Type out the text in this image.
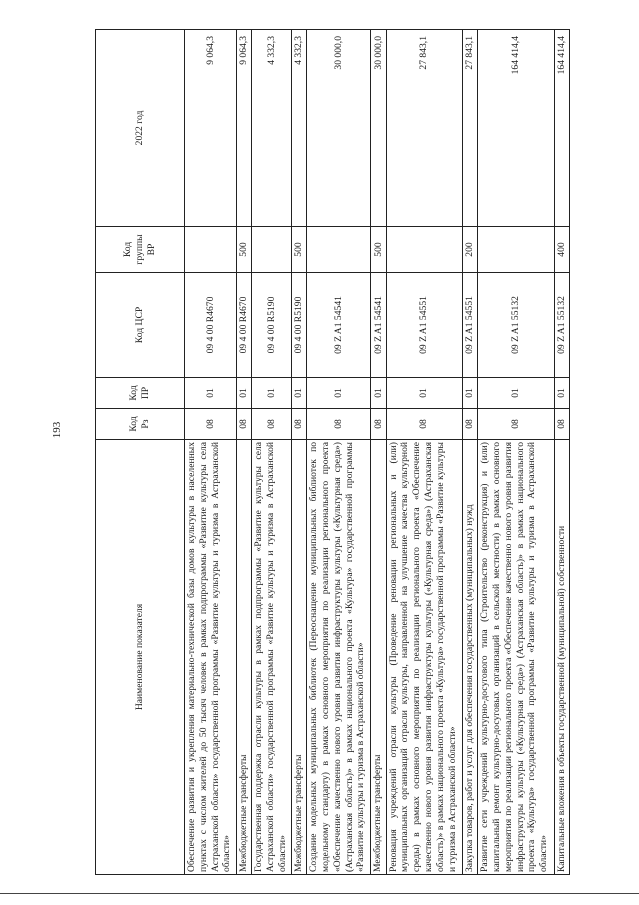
193
Наименование показателя	Код Рз	Код ПР	Код ЦСР	Код группы ВР	2022 год
Обеспечение развития и укрепления материально-технической базы домов культуры в населенных пунктах с числом жителей до 50 тысяч человек в рамках подпрограммы «Развитие культуры села Астраханской области» государственной программы «Развитие культуры и туризма в Астраханской области»	08	01	09 4 00 R4670		9 064,3
Межбюджетные трансферты	08	01	09 4 00 R4670	500	9 064,3
Государственная поддержка отрасли культуры в рамках подпрограммы «Развитие культуры села Астраханской области» государственной программы «Развитие культуры и туризма в Астраханской области»	08	01	09 4 00 R5190		4 332,3
Межбюджетные трансферты	08	01	09 4 00 R5190	500	4 332,3
Создание модельных муниципальных библиотек (Переоснащение муниципальных библиотек по модельному стандарту) в рамках основного мероприятия по реализации регионального проекта «Обеспечение качественно нового уровня развития инфраструктуры культуры («Культурная среда») (Астраханская область)» в рамках национального проекта «Культура» государственной программы «Развитие культуры и туризма в Астраханской области»	08	01	09 Z A1 54541		30 000,0
Межбюджетные трансферты	08	01	09 Z A1 54541	500	30 000,0
Реновация учреждений отрасли культуры (Проведение реновации региональных и (или) муниципальных организаций отрасли культуры, направленной на улучшение качества культурной среды) в рамках основного мероприятия по реализации регионального проекта «Обеспечение качественно нового уровня развития инфраструктуры культуры («Культурная среда») (Астраханская область)» в рамках национального проекта «Культура» государственной программы «Развитие культуры и туризма в Астраханской области»	08	01	09 Z A1 54551		27 843,1
Закупка товаров, работ и услуг для обеспечения государственных (муниципальных) нужд	08	01	09 Z A1 54551	200	27 843,1
Развитие сети учреждений культурно-досугового типа (Строительство (реконструкция) и (или) капитальный ремонт культурно-досуговых организаций в сельской местности) в рамках основного мероприятия по реализации регионального проекта «Обеспечение качественно нового уровня развития инфраструктуры культуры («Культурная среда») (Астраханская область)» в рамках национального проекта «Культура» государственной программы «Развитие культуры и туризма в Астраханской области»	08	01	09 Z A1 55132		164 414,4
Капитальные вложения в объекты государственной (муниципальной) собственности	08	01	09 Z A1 55132	400	164 414,4
